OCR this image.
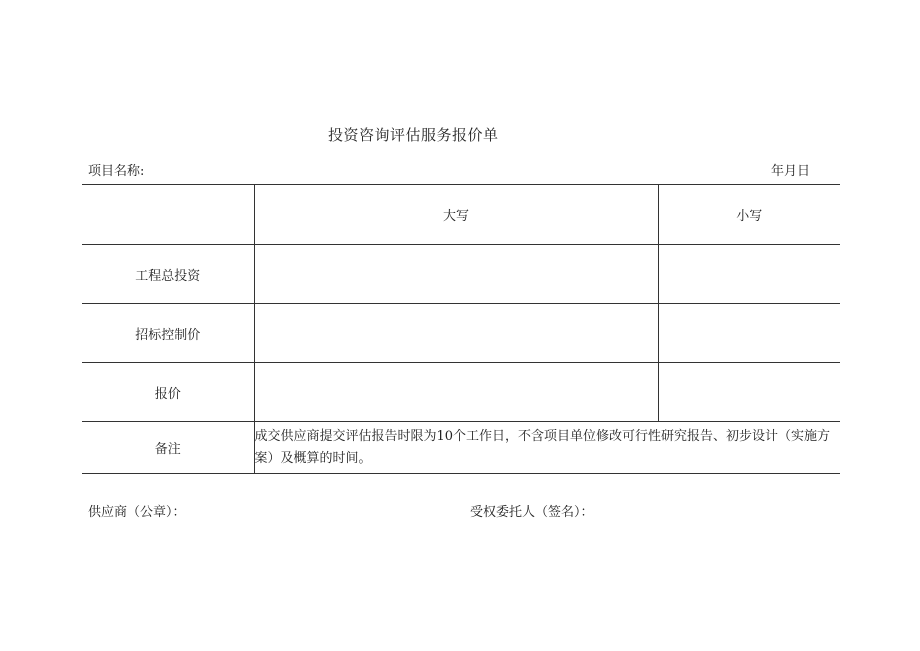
投资咨询评估服务报价单
项目名称:	年月日
	大写	小写
工程总投资		
招标控制价		
报价		
备注	成交供应商提交评估报告时限为10个工作日，不含项目单位修改可行性研究报告、初步设计（实施方案）及概算的时间。	
供应商（公章）：	受权委托人（签名）：
